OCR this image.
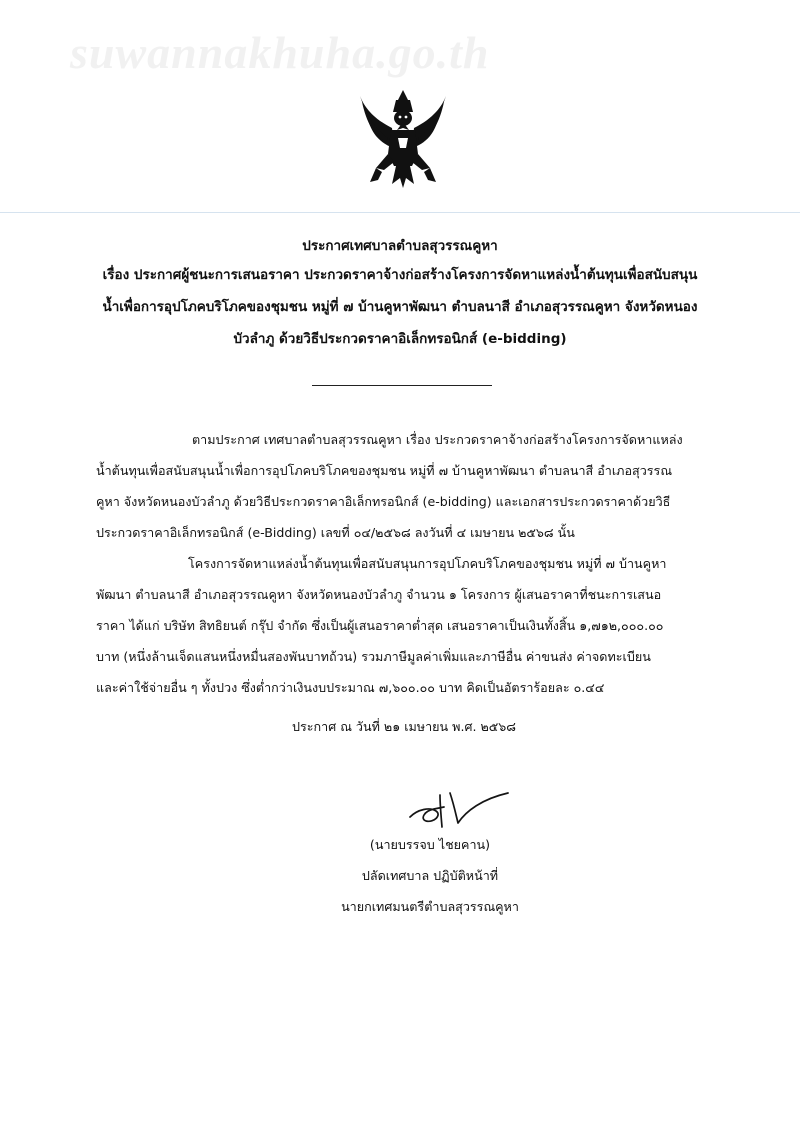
suwannakhuha.go.th
ประกาศเทศบาลตำบลสุวรรณคูหา
เรื่อง ประกาศผู้ชนะการเสนอราคา ประกวดราคาจ้างก่อสร้างโครงการจัดหาแหล่งน้ำต้นทุนเพื่อสนับสนุน
น้ำเพื่อการอุปโภคบริโภคของชุมชน หมู่ที่ ๗ บ้านคูหาพัฒนา ตำบลนาสี อำเภอสุวรรณคูหา จังหวัดหนอง
บัวลำภู ด้วยวิธีประกวดราคาอิเล็กทรอนิกส์ (e-bidding)
ตามประกาศ เทศบาลตำบลสุวรรณคูหา เรื่อง ประกวดราคาจ้างก่อสร้างโครงการจัดหาแหล่ง
น้ำต้นทุนเพื่อสนับสนุนน้ำเพื่อการอุปโภคบริโภคของชุมชน หมู่ที่ ๗ บ้านคูหาพัฒนา ตำบลนาสี อำเภอสุวรรณ
คูหา จังหวัดหนองบัวลำภู ด้วยวิธีประกวดราคาอิเล็กทรอนิกส์ (e-bidding) และเอกสารประกวดราคาด้วยวิธี
ประกวดราคาอิเล็กทรอนิกส์ (e-Bidding) เลขที่ ๐๔/๒๕๖๘ ลงวันที่ ๔ เมษายน ๒๕๖๘ นั้น
โครงการจัดหาแหล่งน้ำต้นทุนเพื่อสนับสนุนการอุปโภคบริโภคของชุมชน หมู่ที่ ๗ บ้านคูหา
พัฒนา ตำบลนาสี อำเภอสุวรรณคูหา จังหวัดหนองบัวลำภู จำนวน ๑ โครงการ ผู้เสนอราคาที่ชนะการเสนอ
ราคา ได้แก่ บริษัท สิทธิยนต์ กรุ๊ป จำกัด ซึ่งเป็นผู้เสนอราคาต่ำสุด เสนอราคาเป็นเงินทั้งสิ้น ๑,๗๑๒,๐๐๐.๐๐
บาท (หนึ่งล้านเจ็ดแสนหนึ่งหมื่นสองพันบาทถ้วน) รวมภาษีมูลค่าเพิ่มและภาษีอื่น ค่าขนส่ง ค่าจดทะเบียน
และค่าใช้จ่ายอื่น ๆ ทั้งปวง ซึ่งต่ำกว่าเงินงบประมาณ ๗,๖๐๐.๐๐ บาท คิดเป็นอัตราร้อยละ ๐.๔๔
ประกาศ ณ วันที่ ๒๑ เมษายน พ.ศ. ๒๕๖๘
(นายบรรจบ ไชยคาน)
ปลัดเทศบาล ปฏิบัติหน้าที่
นายกเทศมนตรีตำบลสุวรรณคูหา
